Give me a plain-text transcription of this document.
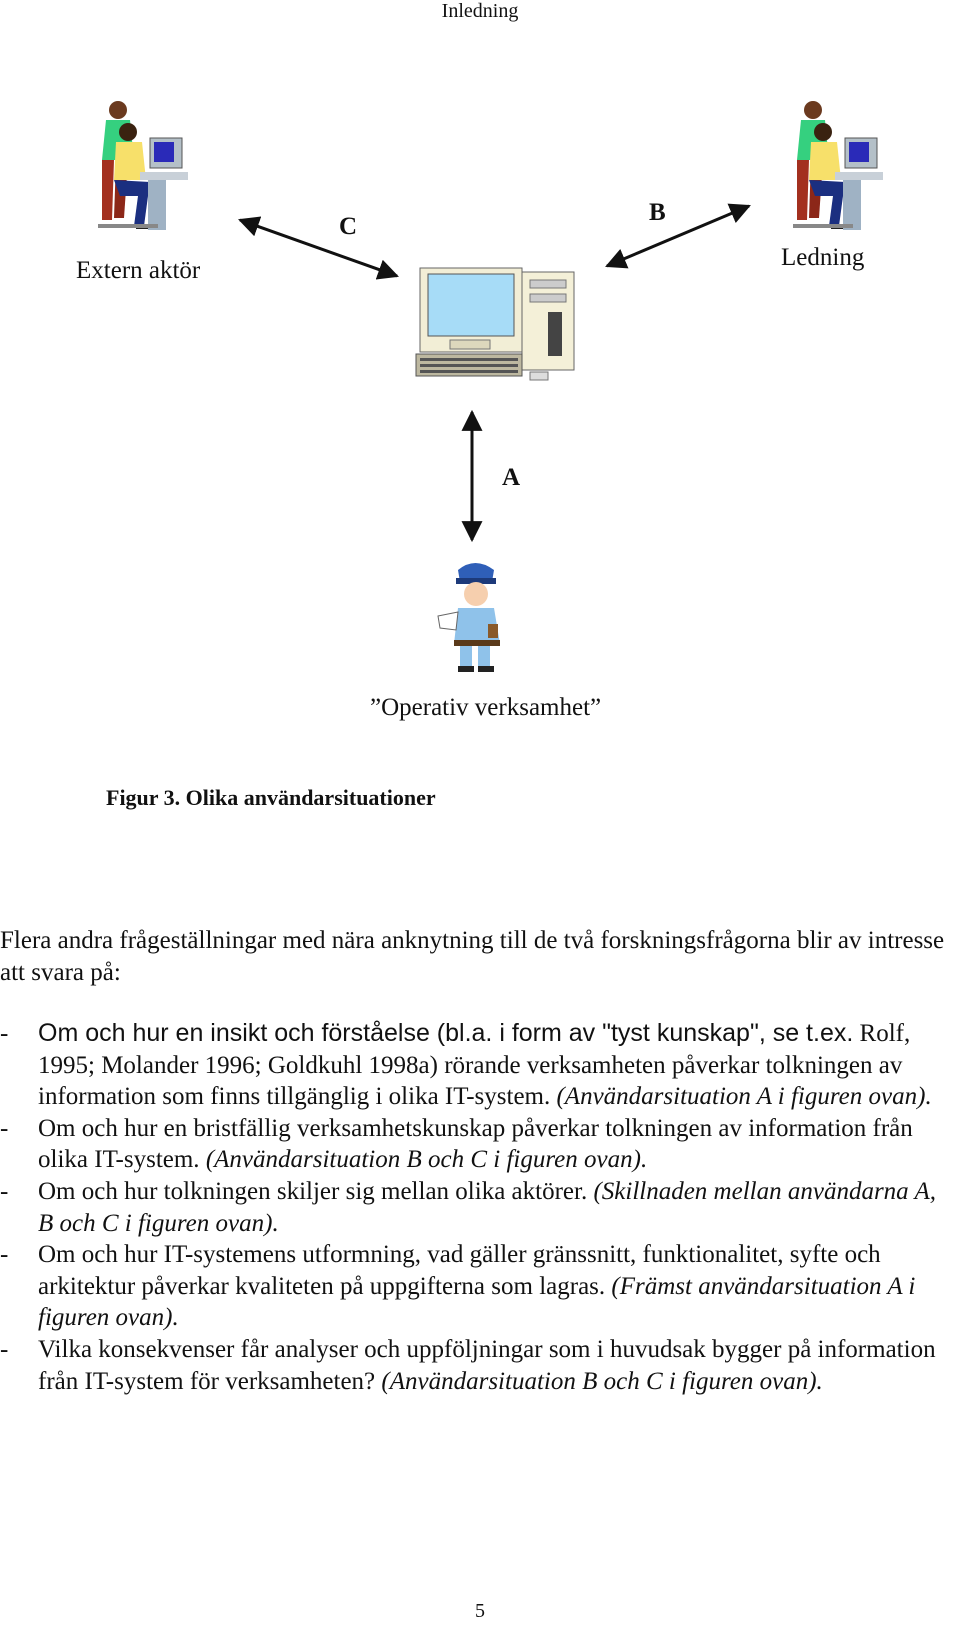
Inledning
Extern aktör	Ledning
”Operativ verksamhet”
C
B
A
Figur 3. Olika användarsituationer
Flera andra frågeställningar med nära anknytning till de två forskningsfrågorna blir av intresse att svara på:
- Om och hur en insikt och förståelse (bl.a. i form av "tyst kunskap", se t.ex. Rolf, 1995; Molander 1996; Goldkuhl 1998a) rörande verksamheten påverkar tolkningen av information som finns tillgänglig i olika IT-system. (Användarsituation A i figuren ovan).
- Om och hur en bristfällig verksamhetskunskap påverkar tolkningen av information från olika IT-system. (Användarsituation B och C i figuren ovan).
- Om och hur tolkningen skiljer sig mellan olika aktörer. (Skillnaden mellan användarna A, B och C i figuren ovan).
- Om och hur IT-systemens utformning, vad gäller gränssnitt, funktionalitet, syfte och arkitektur påverkar kvaliteten på uppgifterna som lagras. (Främst användarsituation A i figuren ovan).
- Vilka konsekvenser får analyser och uppföljningar som i huvudsak bygger på information från IT-system för verksamheten? (Användarsituation B och C i figuren ovan).
5
